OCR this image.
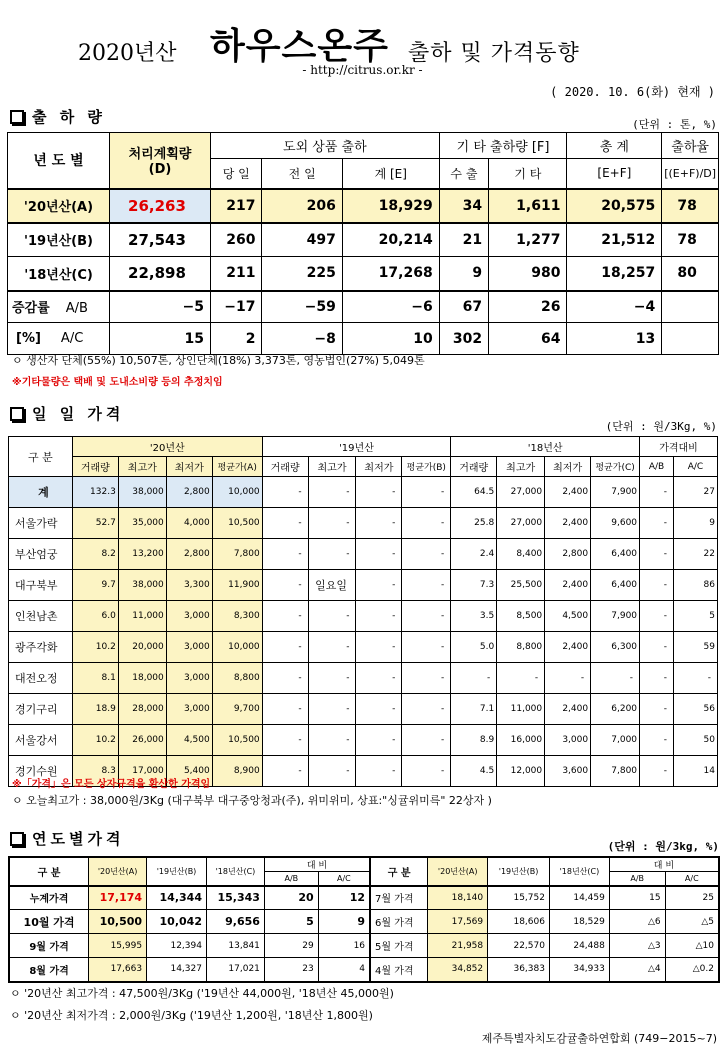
2020년산 하우스온주 출하 및 가격동향
- http://citrus.or.kr -
( 2020. 10. 6(화) 현재 )
출 하 량	(단위 : 톤, %)
년 도 별	처리계획량
(D)	도외 상품 출하			기 타 출하량 [F]		총 계	출하율
		당 일	전 일	계 [E]	수 출	기 타	[E+F]	[(E+F)/D]
'20년산(A)	26,263	217	206	18,929	34	1,611	20,575	78
'19년산(B)	27,543	260	497	20,214	21	1,277	21,512	78
'18년산(C)	22,898	211	225	17,268	9	980	18,257	80
증감률 A/B	−5	−17	−59	−6	67	26	−4	
[%] A/C	15	2	−8	10	302	64	13	
ㅇ 생산자 단체(55%) 10,507톤, 상인단체(18%) 3,373톤, 영농법인(27%) 5,049톤
※기타물량은 택배 및 도내소비량 등의 추정치임
일 일 가격
(단위 : 원/3Kg, %)
구 분	'20년산				'19년산				'18년산				가격대비	
	거래량	최고가	최저가	평균가(A)	거래량	최고가	최저가	평균가(B)	거래량	최고가	최저가	평균가(C)	A/B	A/C
계	132.3	38,000	2,800	10,000	-	-	-	-	64.5	27,000	2,400	7,900	-	27
서울가락	52.7	35,000	4,000	10,500	-	-	-	-	25.8	27,000	2,400	9,600	-	9
부산엄궁	8.2	13,200	2,800	7,800	-	-	-	-	2.4	8,400	2,800	6,400	-	22
대구북부	9.7	38,000	3,300	11,900	-	일요일	-	-	7.3	25,500	2,400	6,400	-	86
인천남촌	6.0	11,000	3,000	8,300	-	-	-	-	3.5	8,500	4,500	7,900	-	5
광주각화	10.2	20,000	3,000	10,000	-	-	-	-	5.0	8,800	2,400	6,300	-	59
대전오정	8.1	18,000	3,000	8,800	-	-	-	-	-	-	-	-	-	-
경기구리	18.9	28,000	3,000	9,700	-	-	-	-	7.1	11,000	2,400	6,200	-	56
서울강서	10.2	26,000	4,500	10,500	-	-	-	-	8.9	16,000	3,000	7,000	-	50
경기수원	8.3	17,000	5,400	8,900	-	-	-	-	4.5	12,000	3,600	7,800	-	14
※「가격」은 모든 상자규격을 환산한 가격임
ㅇ 오늘최고가 : 38,000원/3Kg (대구북부 대구중앙청과(주), 위미위미, 상표:"싱귤위미륵" 22상자 )
연도별가격	(단위 : 원/3kg, %)
구 분	'20년산(A)	'19년산(B)	'18년산(C)	대 비		구 분	'20년산(A)	'19년산(B)	'18년산(C)	대 비	
				A/B	A/C					A/B	A/C
누계가격	17,174	14,344	15,343	20	12	7월 가격	18,140	15,752	14,459	15	25
10월 가격	10,500	10,042	9,656	5	9	6월 가격	17,569	18,606	18,529	△6	△5
9월 가격	15,995	12,394	13,841	29	16	5월 가격	21,958	22,570	24,488	△3	△10
8월 가격	17,663	14,327	17,021	23	4	4월 가격	34,852	36,383	34,933	△4	△0.2
ㅇ '20년산 최고가격 : 47,500원/3Kg ('19년산 44,000원, '18년산 45,000원)
ㅇ '20년산 최저가격 : 2,000원/3Kg ('19년산 1,200원, '18년산 1,800원)
제주특별자치도감귤출하연합회 (749−2015~7)
